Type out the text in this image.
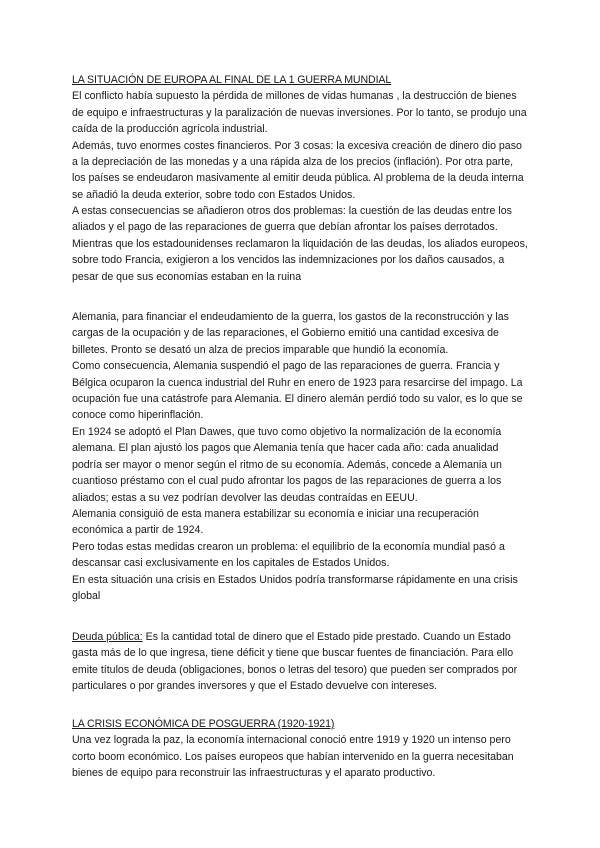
LA SITUACIÓN DE EUROPA AL FINAL DE LA 1 GUERRA MUNDIAL

El conflicto había supuesto la pérdida de millones de vidas humanas , la destrucción de bienes de equipo e infraestructuras y la paralización de nuevas inversiones. Por lo tanto, se produjo una caída de la producción agrícola industrial.

Además, tuvo enormes costes financieros. Por 3 cosas: la excesiva creación de dinero dio paso a la depreciación de las monedas y a una rápida alza de los precios (inflación). Por otra parte, los países se endeudaron masivamente al emitir deuda pública. Al problema de la deuda interna se añadió la deuda exterior, sobre todo con Estados Unidos.

A estas consecuencias se añadieron otros dos problemas: la cuestión de las deudas entre los aliados y el pago de las reparaciones de guerra que debían afrontar los países derrotados.

Mientras que los estadounidenses reclamaron la liquidación de las deudas, los aliados europeos, sobre todo Francia, exigieron a los vencidos las indemnizaciones por los daños causados, a pesar de que sus economías estaban en la ruina

Alemania, para financiar el endeudamiento de la guerra, los gastos de la reconstrucción y las cargas de la ocupación y de las reparaciones, el Gobierno emitió una cantidad excesiva de billetes. Pronto se desató un alza de precios imparable que hundió la economía.

Como consecuencia, Alemania suspendió el pago de las reparaciones de guerra. Francia y Bélgica ocuparon la cuenca industrial del Ruhr en enero de 1923 para resarcirse del impago. La ocupación fue una catástrofe para Alemania. El dinero alemán perdió todo su valor, es lo que se conoce como hiperinflación.

En 1924 se adoptó el Plan Dawes, que tuvo como objetivo la normalización de la economía alemana. El plan ajustó los pagos que Alemania tenía que hacer cada año: cada anualidad podría ser mayor o menor según el ritmo de su economía. Además, concede a Alemania un cuantioso préstamo con el cual pudo afrontar los pagos de las reparaciones de guerra a los aliados; estas a su vez podrían devolver las deudas contraídas en EEUU.

Alemania consiguió de esta manera estabilizar su economía e iniciar una recuperación económica a partir de 1924.

Pero todas estas medidas crearon un problema: el equilibrio de la economía mundial pasó a descansar casi exclusivamente en los capitales de Estados Unidos.

En esta situación una crisis en Estados Unidos podría transformarse rápidamente en una crisis global

Deuda pública: Es la cantidad total de dinero que el Estado pide prestado. Cuando un Estado gasta más de lo que ingresa, tiene déficit y tiene que buscar fuentes de financiación. Para ello emite títulos de deuda (obligaciones, bonos o letras del tesoro) que pueden ser comprados por particulares o por grandes inversores y que el Estado devuelve con intereses.

LA CRISIS ECONÓMICA DE POSGUERRA (1920-1921)

Una vez lograda la paz, la economía internacional conoció entre 1919 y 1920 un intenso pero corto boom económico. Los países europeos que habían intervenido en la guerra necesitaban bienes de equipo para reconstruir las infraestructuras y el aparato productivo.
